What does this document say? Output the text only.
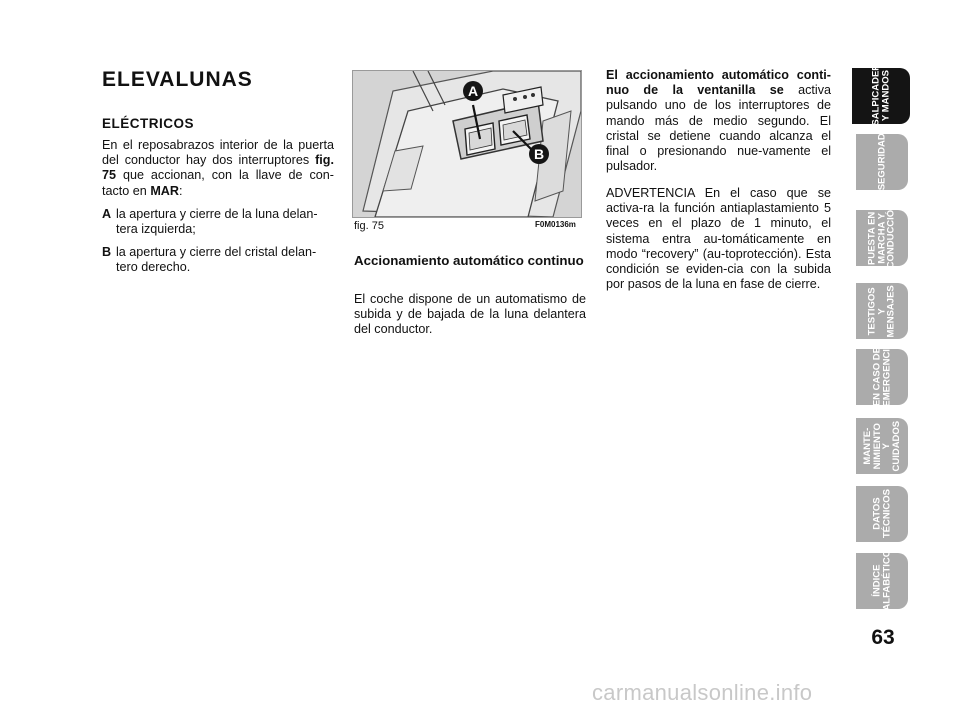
ELEVALUNAS
ELÉCTRICOS
En el reposabrazos interior de la puerta del conductor hay dos interruptores fig. 75 que accionan, con la llave de con-tacto en MAR:
A la apertura y cierre de la luna delan-tera izquierda;
B la apertura y cierre del cristal delan-tero derecho.
A
B
fig. 75	F0M0136m
Accionamiento automático continuo
El coche dispone de un automatismo de subida y de bajada de la luna delantera del conductor.
El accionamiento automático conti-nuo de la ventanilla se activa pulsando uno de los interruptores de mando más de medio segundo. El cristal se detiene cuando alcanza el final o presionando nue-vamente el pulsador.
ADVERTENCIA En el caso que se activa-ra la función antiaplastamiento 5 veces en el plazo de 1 minuto, el sistema entra au-tomáticamente en modo “recovery” (au-toprotección). Esta condición se eviden-cia con la subida por pasos de la luna en fase de cierre.
SALPICADERO
Y MANDOS
SEGURIDAD
PUESTA EN
MARCHA Y
CONDUCCIÓN
TESTIGOS
Y MENSAJES
EN CASO DE
EMERGENCIA
MANTE-
NIMIENTO
Y CUIDADOS
DATOS
TÉCNICOS
ÍNDICE
ALFABÉTICO
63
carmanualsonline.info
